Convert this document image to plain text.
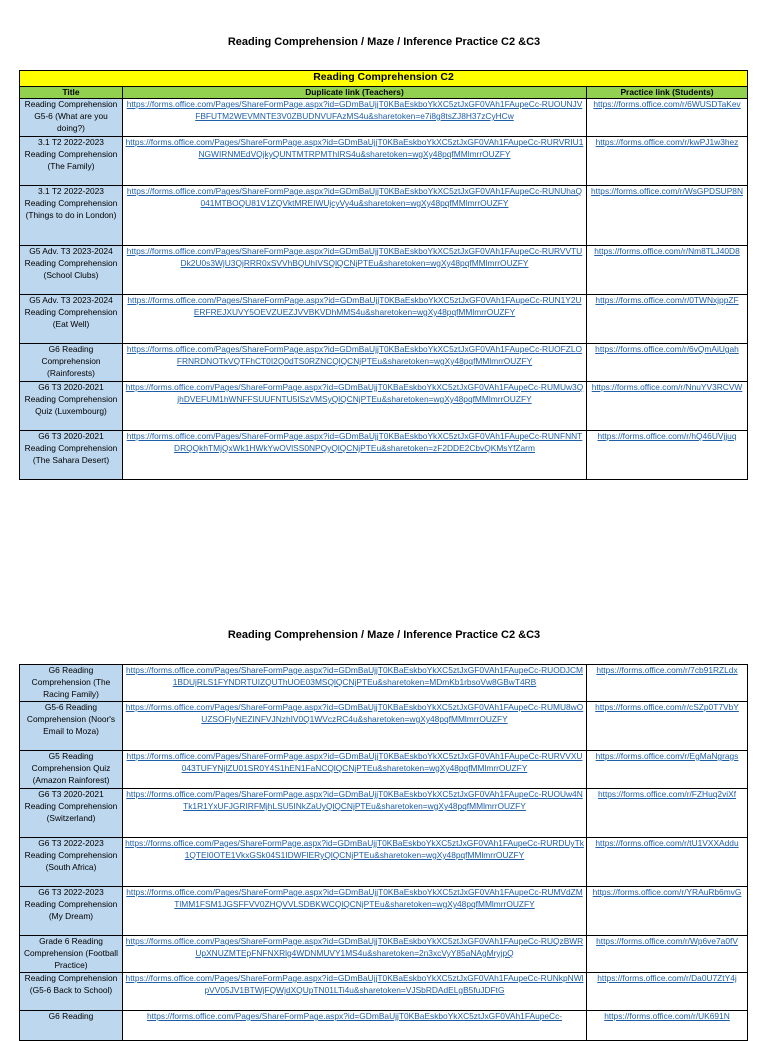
Reading Comprehension / Maze / Inference Practice C2 &C3
Reading Comprehension C2		
Title	Duplicate link (Teachers)	Practice link (Students)
Reading Comprehension G5-6 (What are you doing?)	https://forms.office.com/Pages/ShareFormPage.aspx?id=GDmBaUjjT0KBaEskboYkXC5ztJxGF0VAh1FAupeCc-RUOUNJVFBFUTM2WEVMNTE3V0ZBUDNVUFAzMS4u&sharetoken=e7i8g8tsZJ8H37zCyHCw	https://forms.office.com/r/6WUSDTaKev
3.1 T2 2022-2023 Reading Comprehension (The Family)	https://forms.office.com/Pages/ShareFormPage.aspx?id=GDmBaUjjT0KBaEskboYkXC5ztJxGF0VAh1FAupeCc-RURVRIU1NGWIRNMEdVQjkyQUNTMTRPMThIRS4u&sharetoken=wgXy48pqfMMlmrrOUZFY	https://forms.office.com/r/kwPJ1w3hez
3.1 T2 2022-2023 Reading Comprehension (Things to do in London)	https://forms.office.com/Pages/ShareFormPage.aspx?id=GDmBaUjjT0KBaEskboYkXC5ztJxGF0VAh1FAupeCc-RUNUhaQ041MTBOQU81V1ZQVktMREIWUjcyVy4u&sharetoken=wgXy48pqfMMlmrrOUZFY	https://forms.office.com/r/WsGPDSUP8N
G5 Adv. T3 2023-2024 Reading Comprehension (School Clubs)	https://forms.office.com/Pages/ShareFormPage.aspx?id=GDmBaUjjT0KBaEskboYkXC5ztJxGF0VAh1FAupeCc-RURVVTUDk2U0s3WjU3QjRRR0xSVVhBQUhIVSQlQCNjPTEu&sharetoken=wgXy48pqfMMlmrrOUZFY	https://forms.office.com/r/Nm8TLJ40D8
G5 Adv. T3 2023-2024 Reading Comprehension (Eat Well)	https://forms.office.com/Pages/ShareFormPage.aspx?id=GDmBaUjjT0KBaEskboYkXC5ztJxGF0VAh1FAupeCc-RUN1Y2UERFREJXUVY5OEVZUEZJVVBKVDhMMS4u&sharetoken=wgXy48pqfMMlmrrOUZFY	https://forms.office.com/r/0TWNxjppZF
G6 Reading Comprehension (Rainforests)	https://forms.office.com/Pages/ShareFormPage.aspx?id=GDmBaUjjT0KBaEskboYkXC5ztJxGF0VAh1FAupeCc-RUOFZLOFRNRDNOTkVQTFhCT0I2Q0dTS0RZNCQlQCNjPTEu&sharetoken=wgXy48pqfMMlmrrOUZFY	https://forms.office.com/r/6vQmAiUgah
G6 T3 2020-2021 Reading Comprehension Quiz (Luxembourg)	https://forms.office.com/Pages/ShareFormPage.aspx?id=GDmBaUjjT0KBaEskboYkXC5ztJxGF0VAh1FAupeCc-RUMUw3QjhDVEFUM1hWNFFSUUFNTU5ISzVMSyQlQCNjPTEu&sharetoken=wgXy48pqfMMlmrrOUZFY	https://forms.office.com/r/NnuYV3RCVW
G6 T3 2020-2021 Reading Comprehension (The Sahara Desert)	https://forms.office.com/Pages/ShareFormPage.aspx?id=GDmBaUjjT0KBaEskboYkXC5ztJxGF0VAh1FAupeCc-RUNFNNTDRQQkhTMjQxWk1HWkYwOVlSS0NPQyQlQCNjPTEu&sharetoken=zF2DDE2CbvQKMsYfZarm	https://forms.office.com/r/hQ46UVjjuq
Reading Comprehension / Maze / Inference Practice C2 &C3
G6 Reading Comprehension (The Racing Family)	https://forms.office.com/Pages/ShareFormPage.aspx?id=GDmBaUjjT0KBaEskboYkXC5ztJxGF0VAh1FAupeCc-RUODJCM1BDUjRLS1FYNDRTUIZQUThUOE03MSQlQCNjPTEu&sharetoken=MDmKb1rbsoVw8GBwT4RB	https://forms.office.com/r/7cb91RZLdx
G5-6 Reading Comprehension (Noor's Email to Moza)	https://forms.office.com/Pages/ShareFormPage.aspx?id=GDmBaUjjT0KBaEskboYkXC5ztJxGF0VAh1FAupeCc-RUMU8wOUZSOFlyNEZINFVJNzhIV0Q1WVczRC4u&sharetoken=wgXy48pqfMMlmrrOUZFY	https://forms.office.com/r/cSZp0T7VbY
G5 Reading Comprehension Quiz (Amazon Rainforest)	https://forms.office.com/Pages/ShareFormPage.aspx?id=GDmBaUjjT0KBaEskboYkXC5ztJxGF0VAh1FAupeCc-RURVVXU043TUFYNjlZU01SR0Y4S1hEN1FaNCQlQCNjPTEu&sharetoken=wgXy48pqfMMlmrrOUZFY	https://forms.office.com/r/EgMaNgrags
G6 T3 2020-2021 Reading Comprehension (Switzerland)	https://forms.office.com/Pages/ShareFormPage.aspx?id=GDmBaUjjT0KBaEskboYkXC5ztJxGF0VAh1FAupeCc-RUOUw4NTk1R1YxUFJGRIRFMjhLSU5INkZaUyQlQCNjPTEu&sharetoken=wgXy48pqfMMlmrrOUZFY	https://forms.office.com/r/FZHuq2viXf
G6 T3 2022-2023 Reading Comprehension (South Africa)	https://forms.office.com/Pages/ShareFormPage.aspx?id=GDmBaUjjT0KBaEskboYkXC5ztJxGF0VAh1FAupeCc-RURDUyTk1QTEI0OTE1VkxGSk04S1IDWFlERyQlQCNjPTEu&sharetoken=wgXy48pqfMMlmrrOUZFY	https://forms.office.com/r/tU1VXXAddu
G6 T3 2022-2023 Reading Comprehension (My Dream)	https://forms.office.com/Pages/ShareFormPage.aspx?id=GDmBaUjjT0KBaEskboYkXC5ztJxGF0VAh1FAupeCc-RUMVdZMTlMM1FSM1JGSFFVV0ZHQVVLSDBKWCQlQCNjPTEu&sharetoken=wgXy48pqfMMlmrrOUZFY	https://forms.office.com/r/YRAuRb6mvG
Grade 6 Reading Comprehension (Football Practice)	https://forms.office.com/Pages/ShareFormPage.aspx?id=GDmBaUjjT0KBaEskboYkXC5ztJxGF0VAh1FAupeCc-RUQzBWRUpXNUZMTEpFNFNXRlg4WDNMUVY1MS4u&sharetoken=2n3xcVyY85aNAgMryjpQ	https://forms.office.com/r/Wp6ve7a0fV
Reading Comprehension (G5-6 Back to School)	https://forms.office.com/Pages/ShareFormPage.aspx?id=GDmBaUjjT0KBaEskboYkXC5ztJxGF0VAh1FAupeCc-RUNkpNWlpVV05JV1BTWjFQWjdXQUpTN01LTi4u&sharetoken=VJSbRDAdELgB5fuJDFtG	https://forms.office.com/r/Da0U7ZtY4j
G6 Reading	https://forms.office.com/Pages/ShareFormPage.aspx?id=GDmBaUjjT0KBaEskboYkXC5ztJxGF0VAh1FAupeCc-	https://forms.office.com/r/UK691N
